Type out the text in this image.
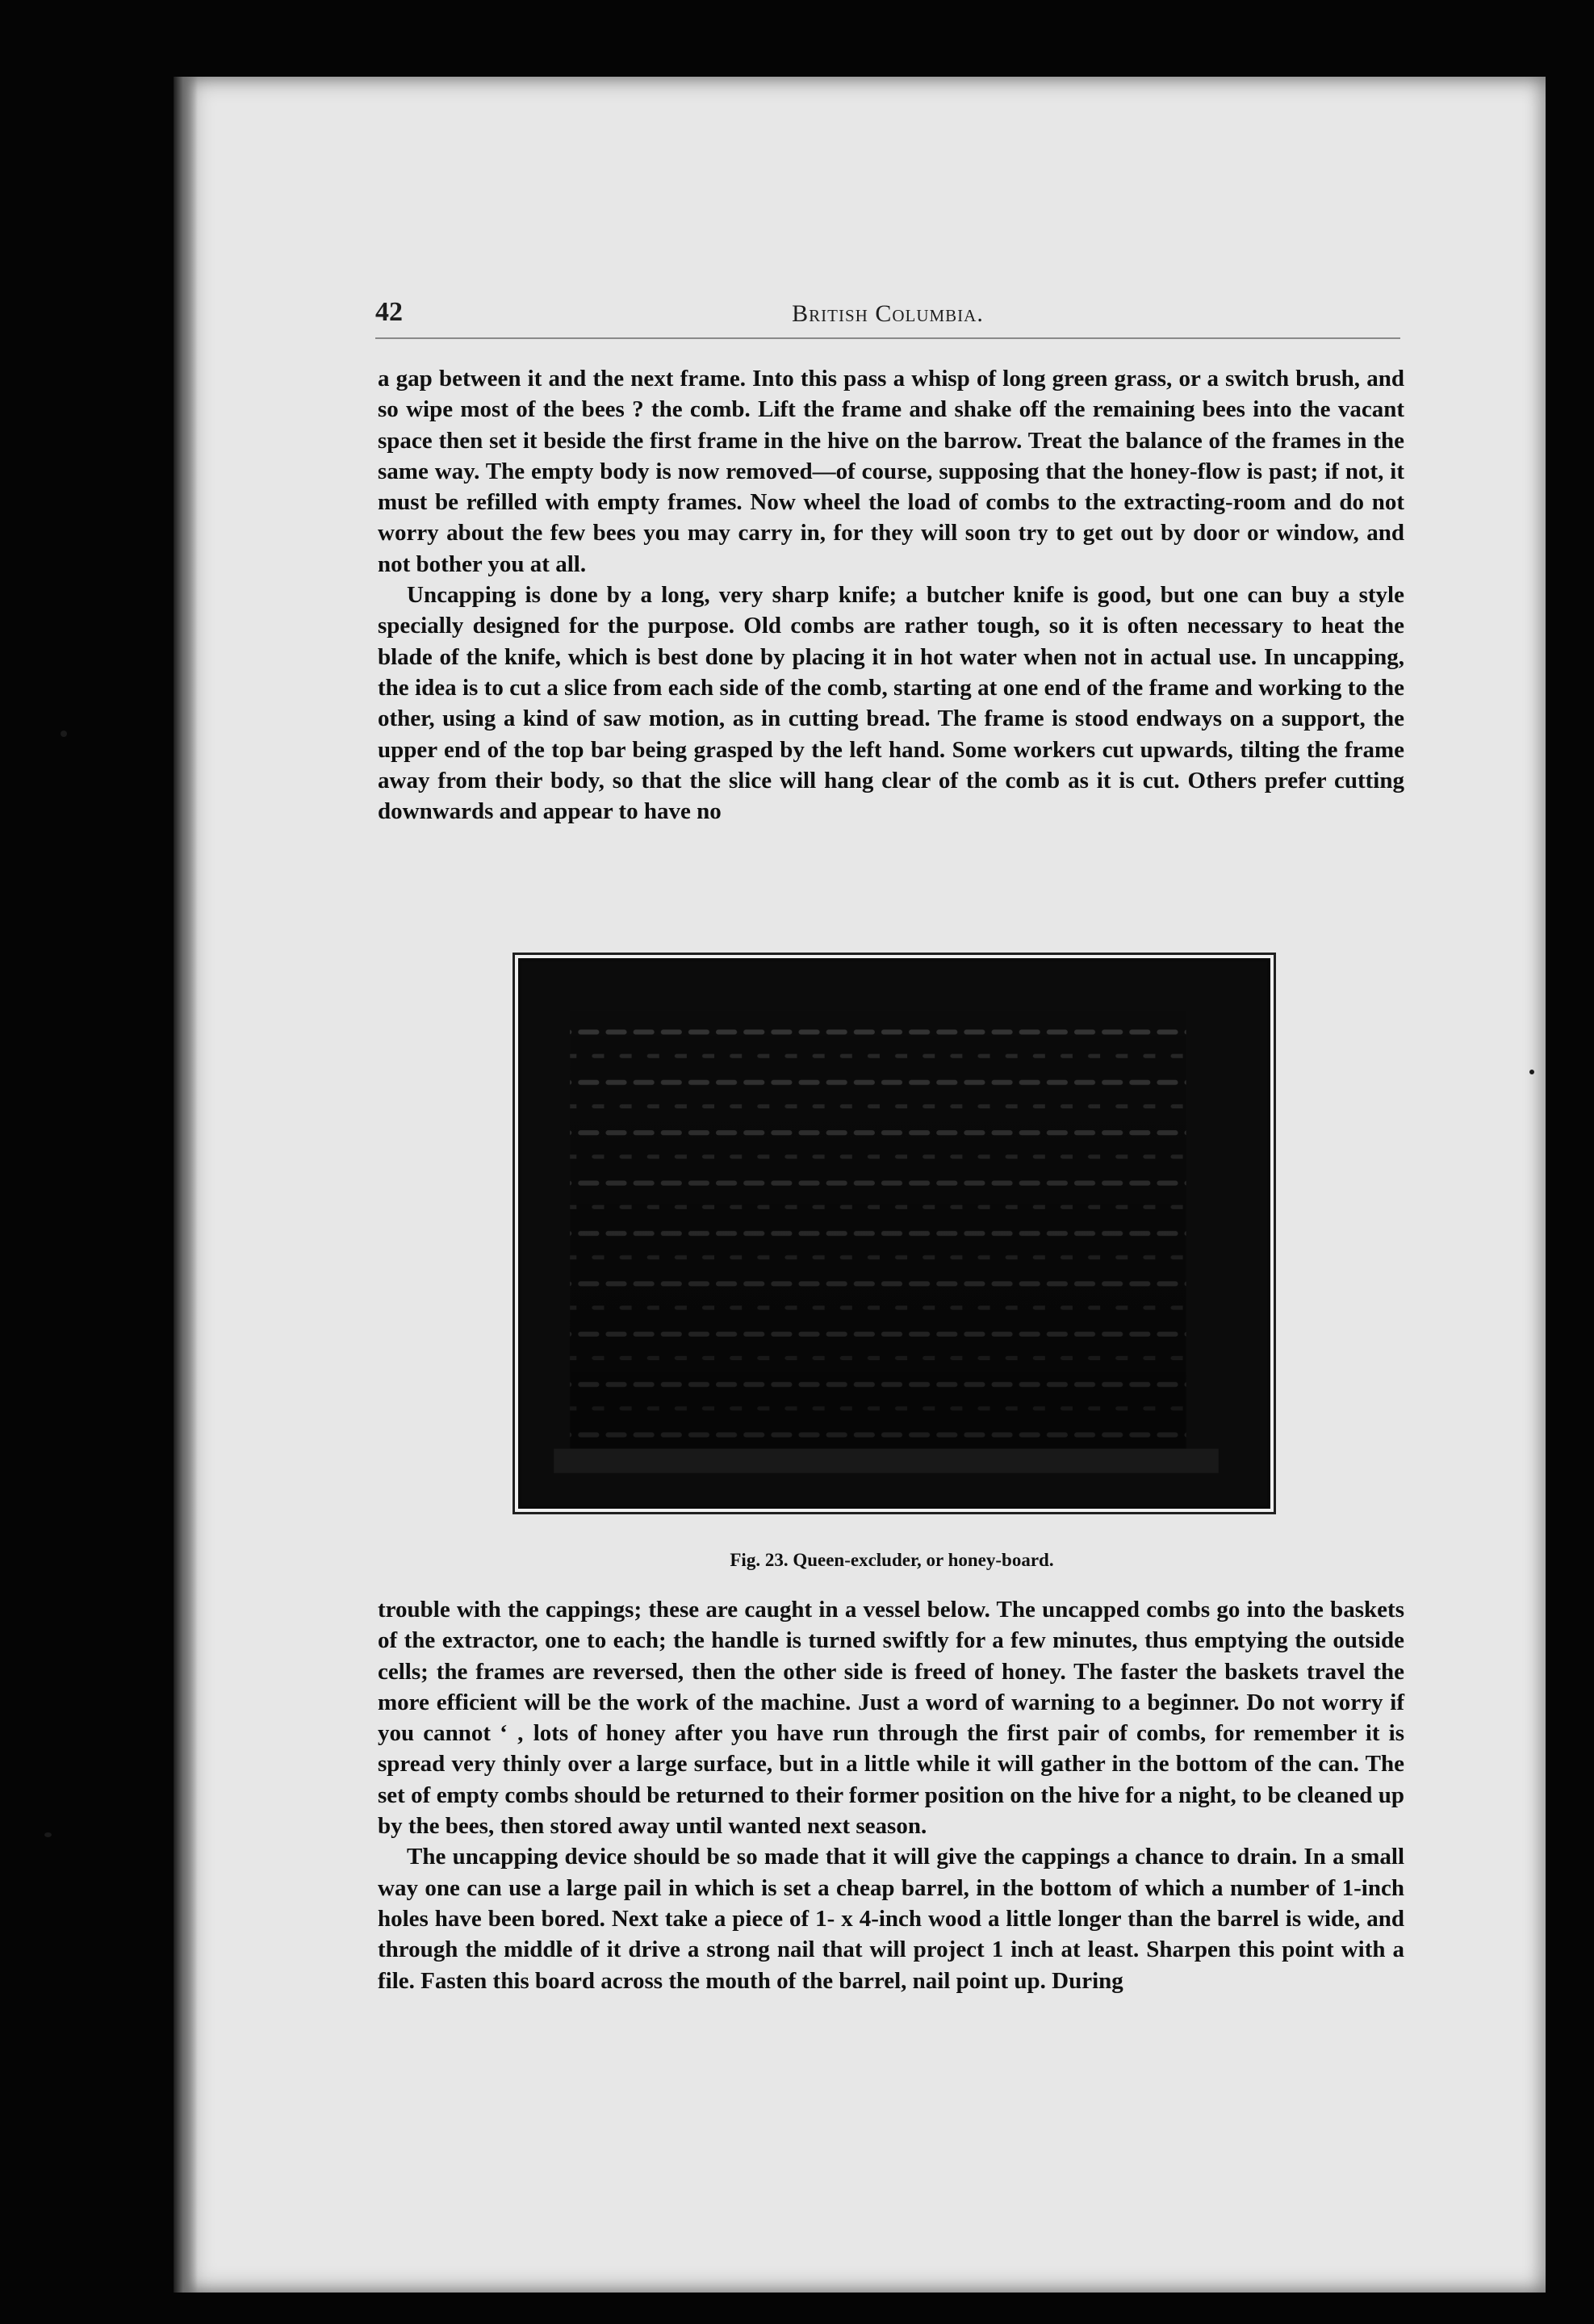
42	British Columbia.

a gap between it and the next frame. Into this pass a whisp of long green grass, or a switch brush, and so wipe most of the bees ? the comb. Lift the frame and shake off the remaining bees into the vacant space then set it beside the first frame in the hive on the barrow. Treat the balance of the frames in the same way. The empty body is now removed—of course, supposing that the honey-flow is past; if not, it must be refilled with empty frames. Now wheel the load of combs to the extracting-room and do not worry about the few bees you may carry in, for they will soon try to get out by door or window, and not bother you at all.

Uncapping is done by a long, very sharp knife; a butcher knife is good, but one can buy a style specially designed for the purpose. Old combs are rather tough, so it is often necessary to heat the blade of the knife, which is best done by placing it in hot water when not in actual use. In uncapping, the idea is to cut a slice from each side of the comb, starting at one end of the frame and working to the other, using a kind of saw motion, as in cutting bread. The frame is stood endways on a support, the upper end of the top bar being grasped by the left hand. Some workers cut upwards, tilting the frame away from their body, so that the slice will hang clear of the comb as it is cut. Others prefer cutting downwards and appear to have no

Fig. 23. Queen-excluder, or honey-board.

trouble with the cappings; these are caught in a vessel below. The uncapped combs go into the baskets of the extractor, one to each; the handle is turned swiftly for a few minutes, thus emptying the outside cells; the frames are reversed, then the other side is freed of honey. The faster the baskets travel the more efficient will be the work of the machine. Just a word of warning to a beginner. Do not worry if you cannot ‘ ‚ lots of honey after you have run through the first pair of combs, for remember it is spread very thinly over a large surface, but in a little while it will gather in the bottom of the can. The set of empty combs should be returned to their former position on the hive for a night, to be cleaned up by the bees, then stored away until wanted next season.

The uncapping device should be so made that it will give the cappings a chance to drain. In a small way one can use a large pail in which is set a cheap barrel, in the bottom of which a number of 1-inch holes have been bored. Next take a piece of 1- x 4-inch wood a little longer than the barrel is wide, and through the middle of it drive a strong nail that will project 1 inch at least. Sharpen this point with a file. Fasten this board across the mouth of the barrel, nail point up. During
